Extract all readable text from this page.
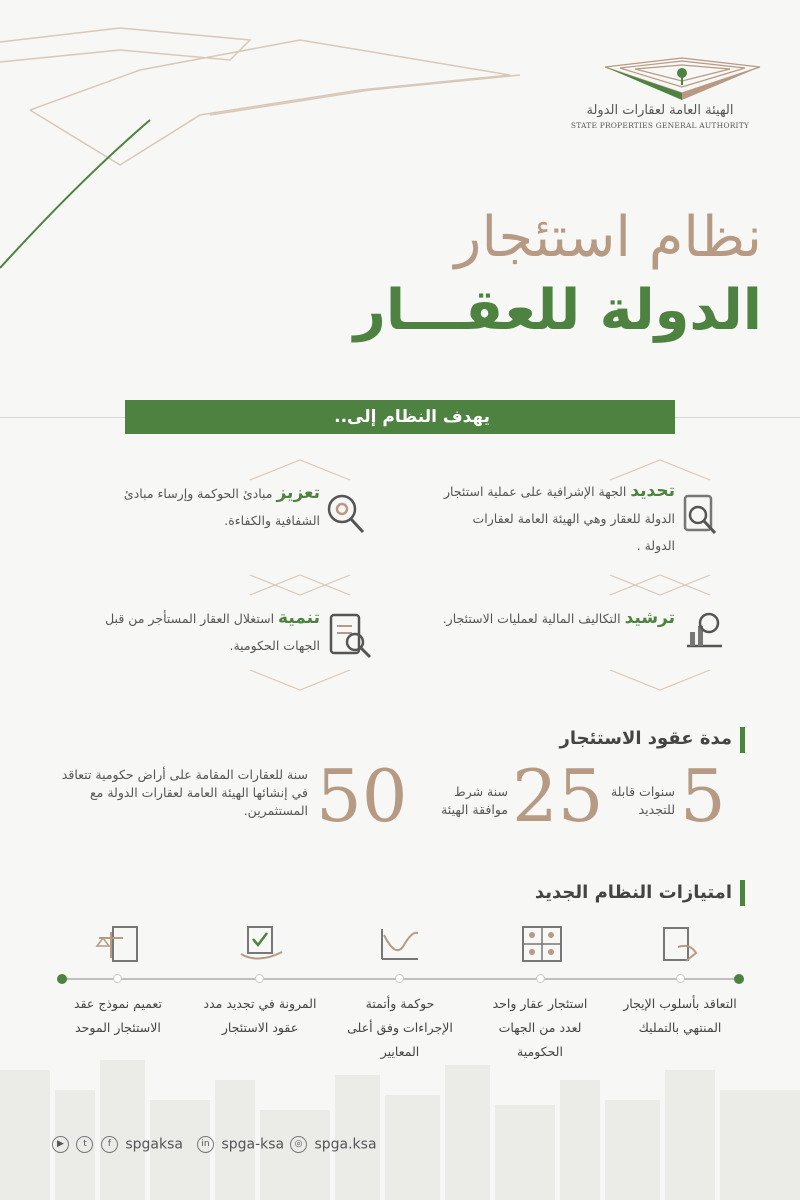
الهيئة العامة لعقارات الدولة
STATE PROPERTIES GENERAL AUTHORITY
نظام استئجار
الدولة للعقـــار
يهدف النظام إلى..
تحديد الجهة الإشرافية على عملية استئجار الدولة للعقار وهي الهيئة العامة لعقارات الدولة .
تعزيز مبادئ الحوكمة وإرساء مبادئ الشفافية والكفاءة.
ترشيد التكاليف المالية لعمليات الاستئجار.
تنمية استغلال العقار المستأجر من قبل الجهات الحكومية.
مدة عقود الاستئجار
5
سنوات قابلة للتجديد
25
سنة شرط موافقة الهيئة
50
سنة للعقارات المقامة على أراض حكومية تتعاقد في إنشائها الهيئة العامة لعقارات الدولة مع المستثمرين.
امتيازات النظام الجديد
التعاقد بأسلوب الإيجار المنتهي بالتمليك
استئجار عقار واحد لعدد من الجهات الحكومية
حوكمة وأتمتة الإجراءات وفق أعلى المعايير
المرونة في تجديد مدد عقود الاستئجار
تعميم نموذج عقد الاستئجار الموحد
◎ spga.ksa
in spga-ksa
▶ t f spgaksa
